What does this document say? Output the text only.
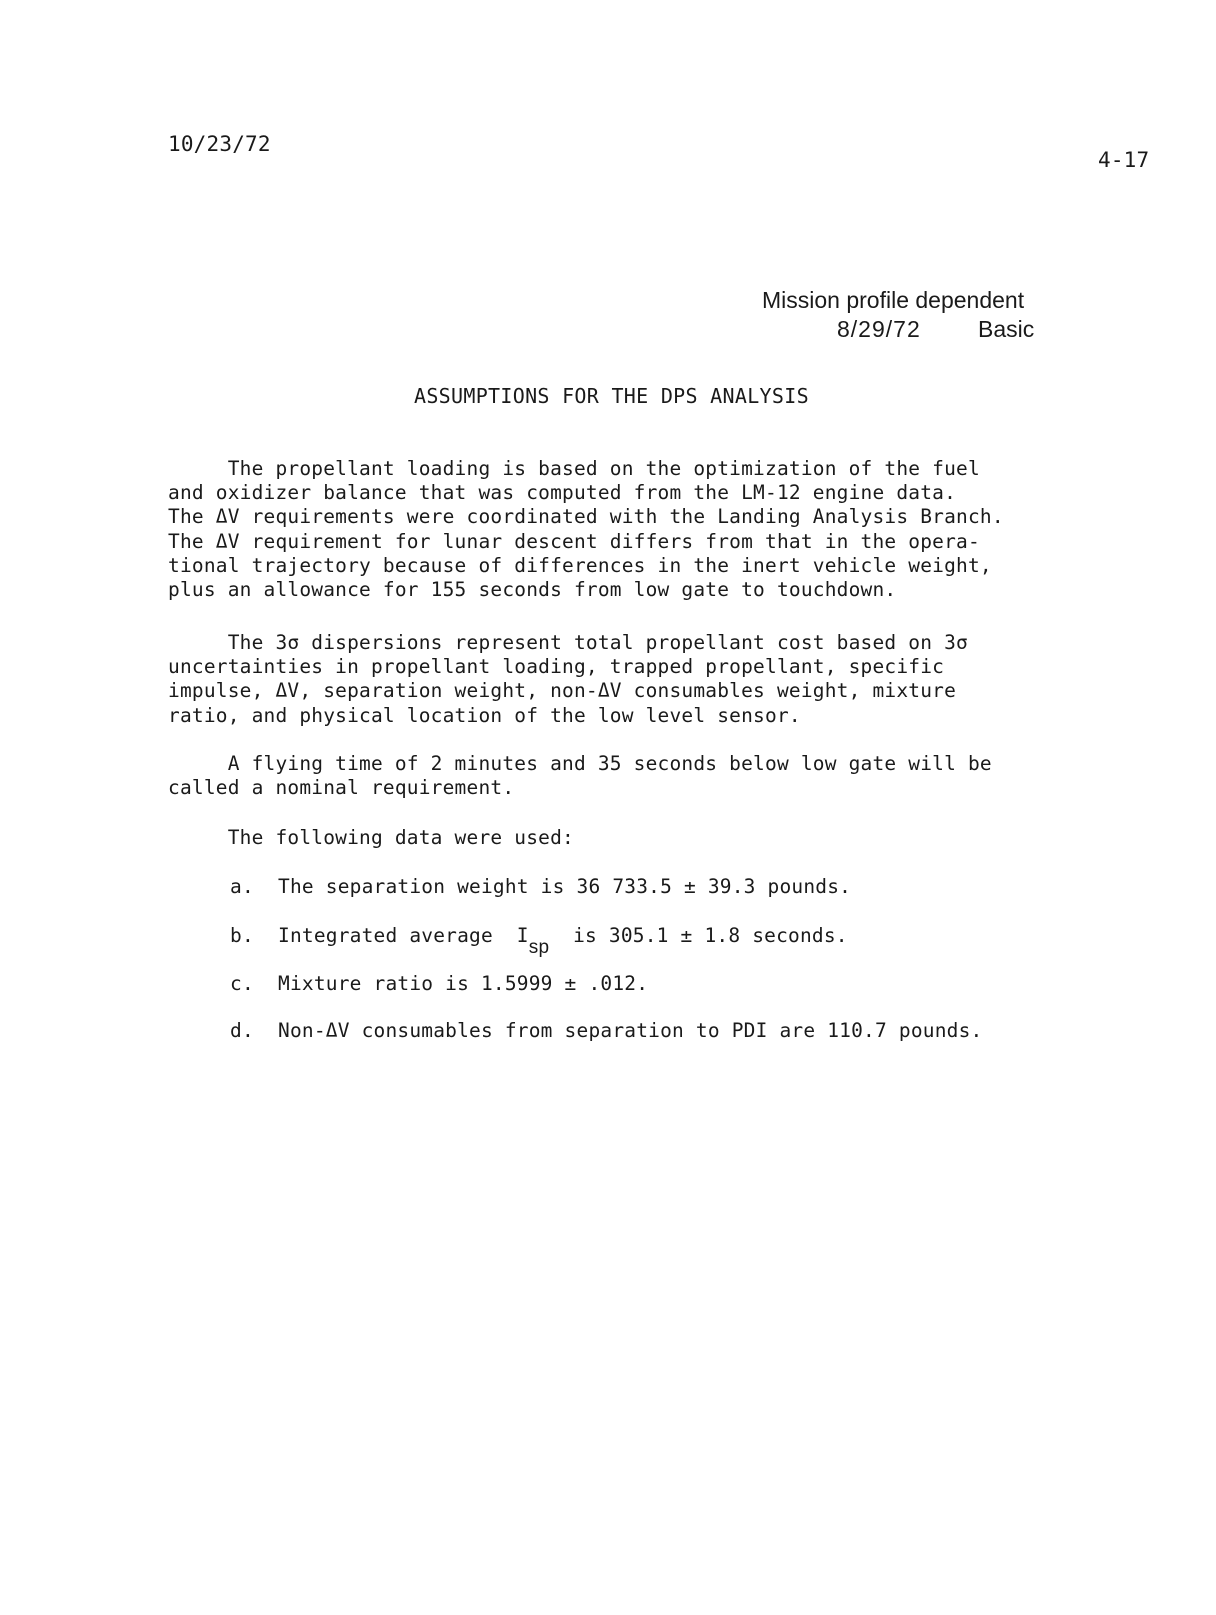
10/23/72
4-17
Mission profile dependent
8/29/72 Basic
ASSUMPTIONS FOR THE DPS ANALYSIS
The propellant loading is based on the optimization of the fuel
and oxidizer balance that was computed from the LM-12 engine data.
The ΔV requirements were coordinated with the Landing Analysis Branch.
The ΔV requirement for lunar descent differs from that in the opera-
tional trajectory because of differences in the inert vehicle weight,
plus an allowance for 155 seconds from low gate to touchdown.
The 3σ dispersions represent total propellant cost based on 3σ
uncertainties in propellant loading, trapped propellant, specific
impulse, ΔV, separation weight, non-ΔV consumables weight, mixture
ratio, and physical location of the low level sensor.
A flying time of 2 minutes and 35 seconds below low gate will be
called a nominal requirement.
The following data were used:
a. The separation weight is 36 733.5 ± 39.3 pounds.
b. Integrated average  Isp  is 305.1 ± 1.8 seconds.
c. Mixture ratio is 1.5999 ± .012.
d. Non-ΔV consumables from separation to PDI are 110.7 pounds.
